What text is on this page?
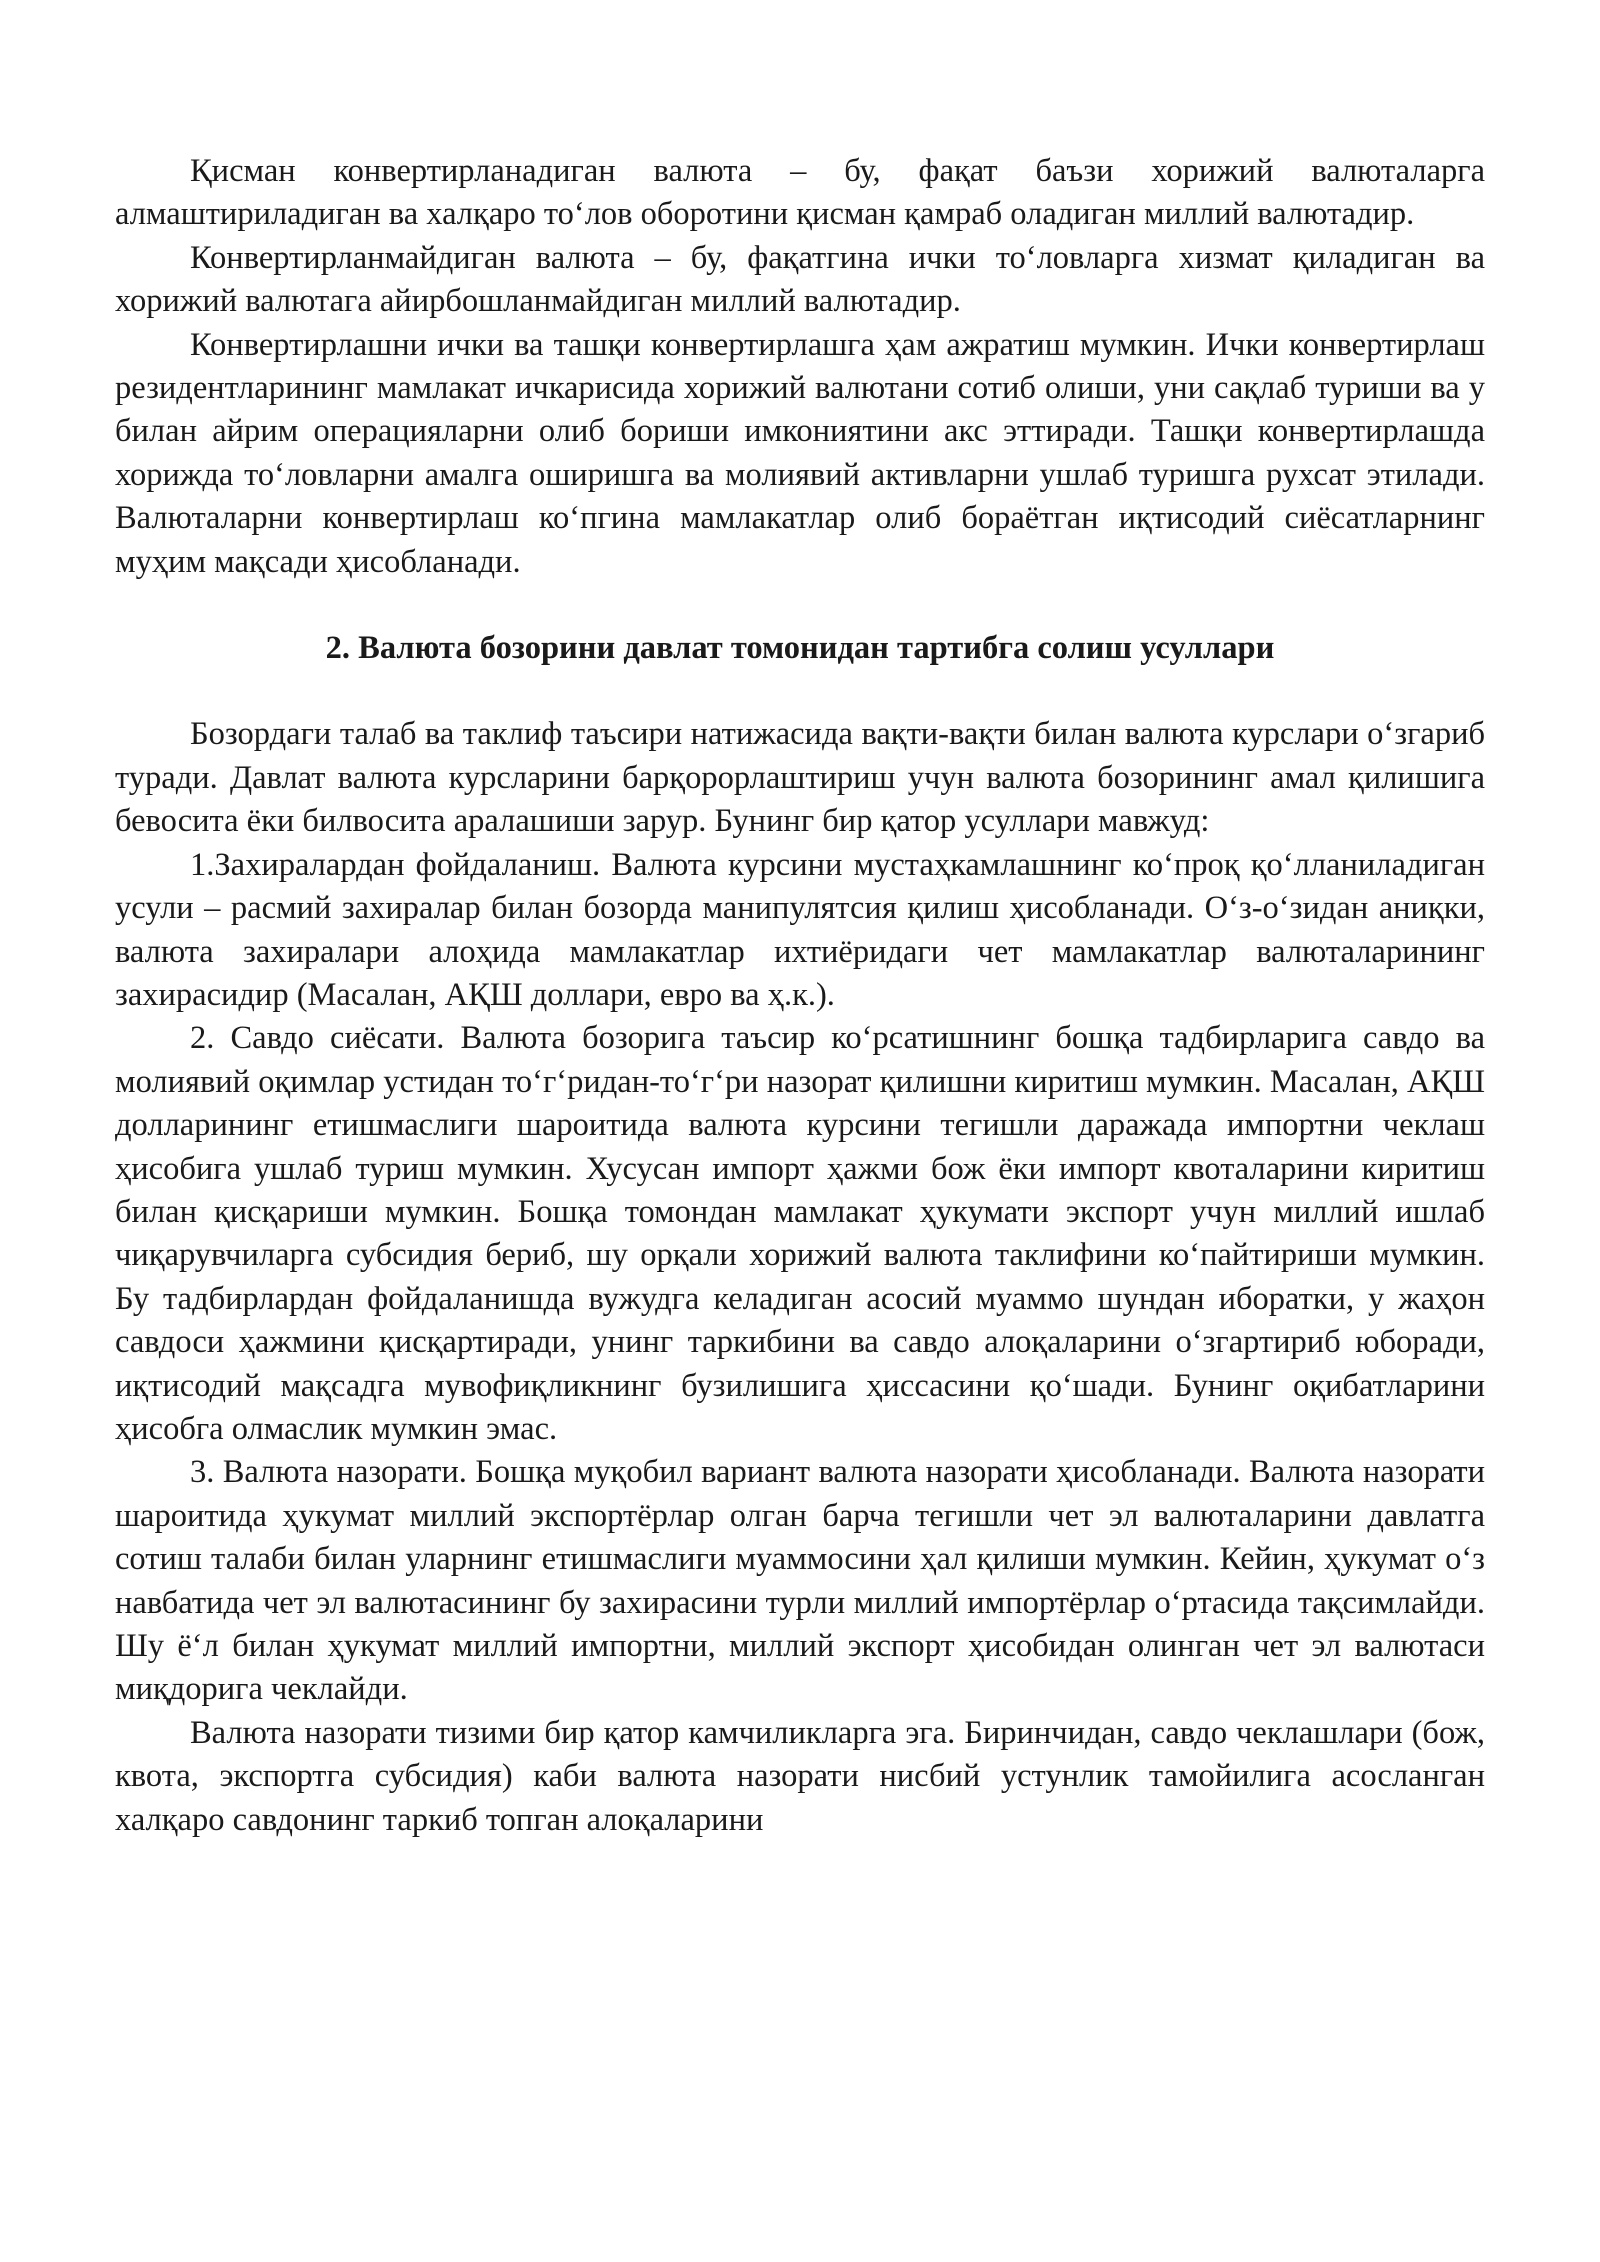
Қисман конвертирланадиган валюта – бу, фақат баъзи хорижий валюталарга алмаштириладиган ва халқаро то‘лов оборотини қисман қамраб оладиган миллий валютадир.

Конвертирланмайдиган валюта – бу, фақатгина ички то‘ловларга хизмат қиладиган ва хорижий валютага айирбошланмайдиган миллий валютадир.

Конвертирлашни ички ва ташқи конвертирлашга ҳам ажратиш мумкин. Ички конвертирлаш резидентларининг мамлакат ичкарисида хорижий валютани сотиб олиши, уни сақлаб туриши ва у билан айрим операцияларни олиб бориши имкониятини акс эттиради. Ташқи конвертирлашда хорижда то‘ловларни амалга оширишга ва молиявий активларни ушлаб туришга рухсат этилади. Валюталарни конвертирлаш ко‘пгина мамлакатлар олиб бораётган иқтисодий сиёсатларнинг муҳим мақсади ҳисобланади.

2. Валюта бозорини давлат томонидан тартибга солиш усуллари

Бозордаги талаб ва таклиф таъсири натижасида вақти-вақти билан валюта курслари о‘згариб туради. Давлат валюта курсларини барқорорлаштириш учун валюта бозорининг амал қилишига бевосита ёки билвосита аралашиши зарур. Бунинг бир қатор усуллари мавжуд:

1.Захиралардан фойдаланиш. Валюта курсини мустаҳкамлашнинг ко‘проқ қо‘лланиладиган усули – расмий захиралар билан бозорда манипулятсия қилиш ҳисобланади. О‘з-о‘зидан аниқки, валюта захиралари алоҳида мамлакатлар ихтиёридаги чет мамлакатлар валюталарининг захирасидир (Масалан, АҚШ доллари, евро ва ҳ.к.).

2. Савдо сиёсати. Валюта бозорига таъсир ко‘рсатишнинг бошқа тадбирларига савдо ва молиявий оқимлар устидан то‘г‘ридан-то‘г‘ри назорат қилишни киритиш мумкин. Масалан, АҚШ долларининг етишмаслиги шароитида валюта курсини тегишли даражада импортни чеклаш ҳисобига ушлаб туриш мумкин. Хусусан импорт ҳажми бож ёки импорт квоталарини киритиш билан қисқариши мумкин. Бошқа томондан мамлакат ҳукумати экспорт учун миллий ишлаб чиқарувчиларга субсидия бериб, шу орқали хорижий валюта таклифини ко‘пайтириши мумкин. Бу тадбирлардан фойдаланишда вужудга келадиган асосий муаммо шундан иборатки, у жаҳон савдоси ҳажмини қисқартиради, унинг таркибини ва савдо алоқаларини о‘згартириб юборади, иқтисодий мақсадга мувофиқликнинг бузилишига ҳиссасини қо‘шади. Бунинг оқибатларини ҳисобга олмаслик мумкин эмас.

3. Валюта назорати. Бошқа муқобил вариант валюта назорати ҳисобланади. Валюта назорати шароитида ҳукумат миллий экспортёрлар олган барча тегишли чет эл валюталарини давлатга сотиш талаби билан уларнинг етишмаслиги муаммосини ҳал қилиши мумкин. Кейин, ҳукумат о‘з навбатида чет эл валютасининг бу захирасини турли миллий импортёрлар о‘ртасида тақсимлайди. Шу ё‘л билан ҳукумат миллий импортни, миллий экспорт ҳисобидан олинган чет эл валютаси миқдорига чеклайди.

Валюта назорати тизими бир қатор камчиликларга эга. Биринчидан, савдо чеклашлари (бож, квота, экспортга субсидия) каби валюта назорати нисбий устунлик тамойилига асосланган халқаро савдонинг таркиб топган алоқаларини
